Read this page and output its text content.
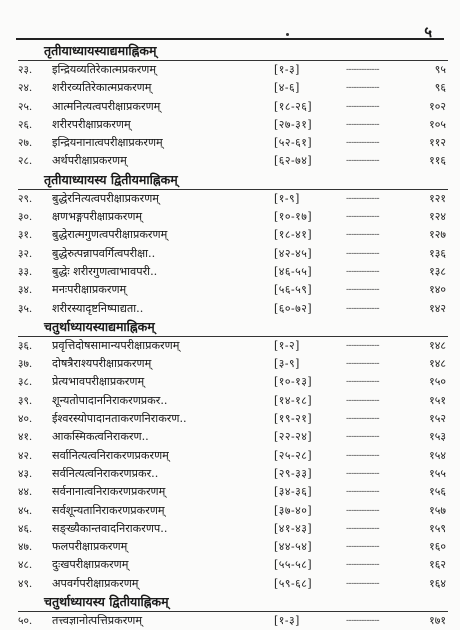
५
तृतीयाध्यायस्याद्यमाह्निकम्
२३.	इन्द्रियव्यतिरेकात्मप्रकरणम्	[१-३]	-------------	९५
२४.	शरीरव्यतिरेकात्मप्रकरणम्	[४-६]	-------------	९६
२५.	आत्मनित्यत्वपरीक्षाप्रकरणम्	[१८-२६]	-------------	१०२
२६.	शरीरपरीक्षाप्रकरणम्	[२७-३१]	-------------	१०५
२७.	इन्द्रियनानात्वपरीक्षाप्रकरणम्	[५२-६१]	-------------	११२
२८.	अर्थपरीक्षाप्रकरणम्	[६२-७४]	-------------	११६
तृतीयाध्यायस्य द्वितीयमाह्निकम्
२९.	बुद्धेरनित्यत्वपरीक्षाप्रकरणम्	[१-९]	-------------	१२१
३०.	क्षणभङ्गपरीक्षाप्रकरणम्	[१०-१७]	-------------	१२४
३१.	बुद्धेरात्मगुणत्वपरीक्षाप्रकरणम्	[१८-४१]	-------------	१२७
३२.	बुद्धेरुत्पन्नापवर्गित्वपरीक्षा..	[४२-४५]	-------------	१३६
३३.	बुद्धेः शरीरगुणत्वाभावपरी..	[४६-५५]	-------------	१३८
३४.	मनःपरीक्षाप्रकरणम्	[५६-५९]	-------------	१४०
३५.	शरीरस्यादृष्टनिष्पाद्यता..	[६०-७२]	-------------	१४२
चतुर्थाध्यायस्याद्यमाह्निकम्
३६.	प्रवृत्तिदोषसामान्यपरीक्षाप्रकरणम्	[१-२]	-------------	१४८
३७.	दोषत्रैराश्यपरीक्षाप्रकरणम्	[३-९]	-------------	१४८
३८.	प्रेत्यभावपरीक्षाप्रकरणम्	[१०-१३]	-------------	१५०
३९.	शून्यतोपादाननिराकरणप्रकर..	[१४-१८]	-------------	१५१
४०.	ईश्वरस्योपादानताकरणनिराकरण..	[१९-२१]	-------------	१५२
४१.	आकस्मिकत्वनिराकरण..	[२२-२४]	-------------	१५३
४२.	सर्वानित्यत्वनिराकरणप्रकरणम्	[२५-२८]	-------------	१५४
४३.	सर्वनित्यत्वनिराकरणप्रकर..	[२९-३३]	-------------	१५५
४४.	सर्वनानात्वनिराकरणप्रकरणम्	[३४-३६]	-------------	१५६
४५.	सर्वशून्यतानिराकरणप्रकरणम्	[३७-४०]	-------------	१५७
४६.	सङ्ख्यैकान्तवादनिराकरणप..	[४१-४३]	-------------	१५९
४७.	फलपरीक्षाप्रकरणम्	[४४-५४]	-------------	१६०
४८.	दुःखपरीक्षाप्रकरणम्	[५५-५८]	-------------	१६२
४९.	अपवर्गपरीक्षाप्रकरणम्	[५९-६८]	-------------	१६४
चतुर्थाध्यायस्य द्वितीयाह्निकम्
५०.	तत्त्वज्ञानोत्पत्तिप्रकरणम्	[१-३]	-------------	१७१
